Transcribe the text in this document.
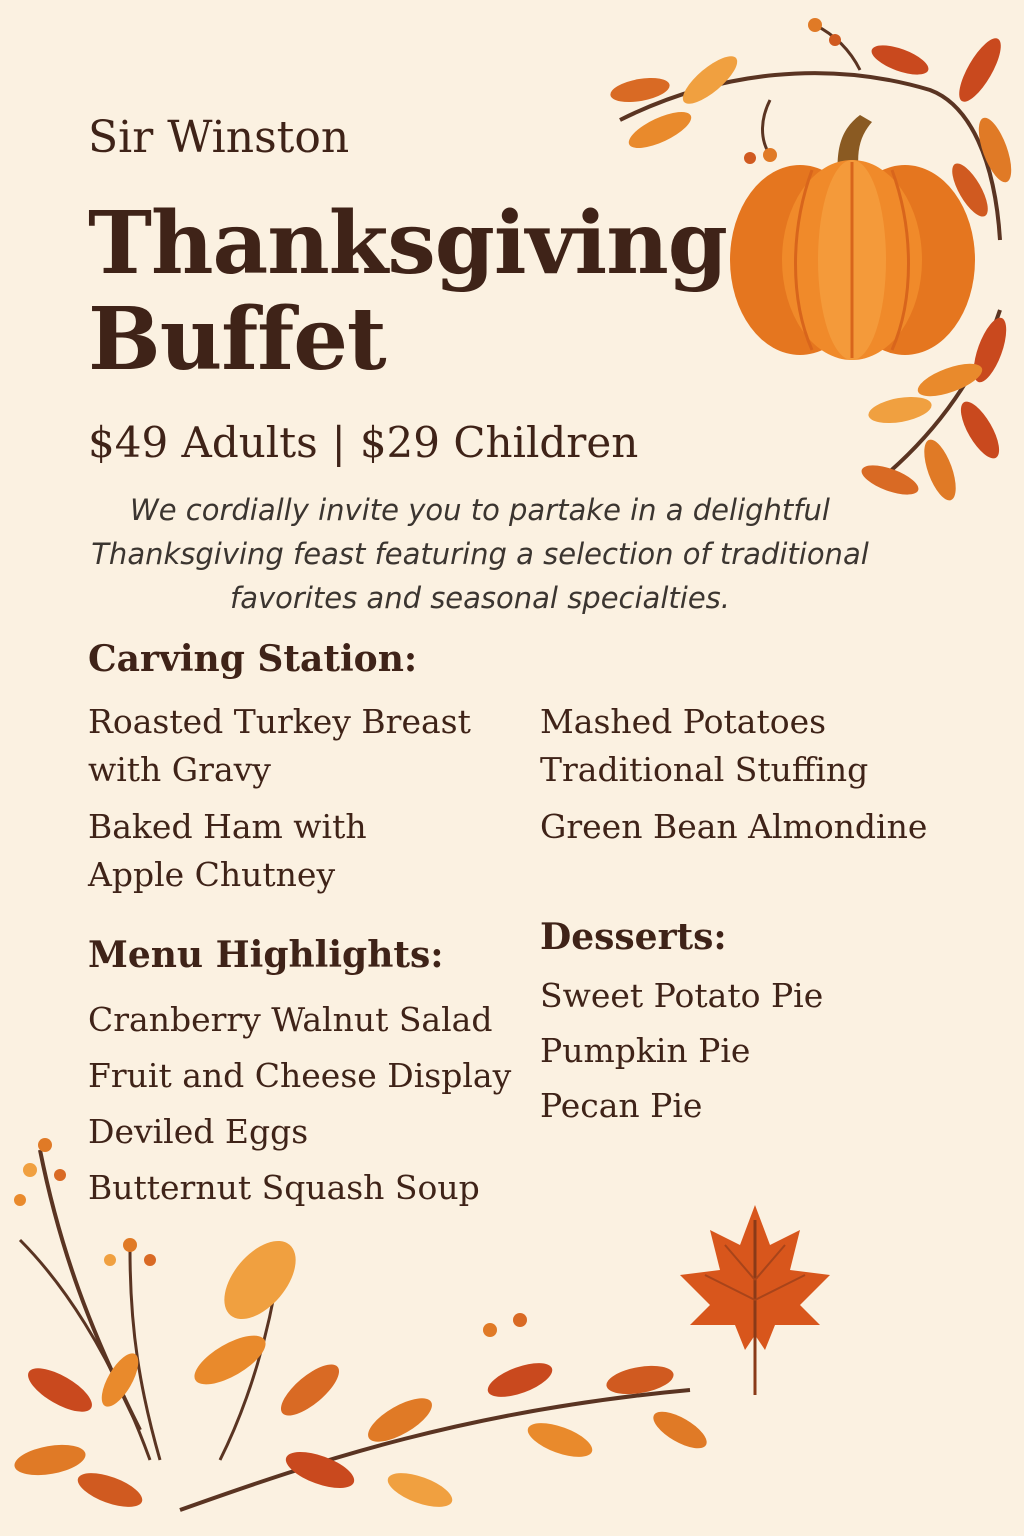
Sir Winston
Thanksgiving
Buffet
$49 Adults | $29 Children
We cordially invite you to partake in a delightful
Thanksgiving feast featuring a selection of traditional
favorites and seasonal specialties.
Carving Station:
Roasted Turkey Breast
with Gravy
Baked Ham with
Apple Chutney
Mashed Potatoes
Traditional Stuffing
Green Bean Almondine
Menu Highlights:
Cranberry Walnut Salad
Fruit and Cheese Display
Deviled Eggs
Butternut Squash Soup
Desserts:
Sweet Potato Pie
Pumpkin Pie
Pecan Pie
